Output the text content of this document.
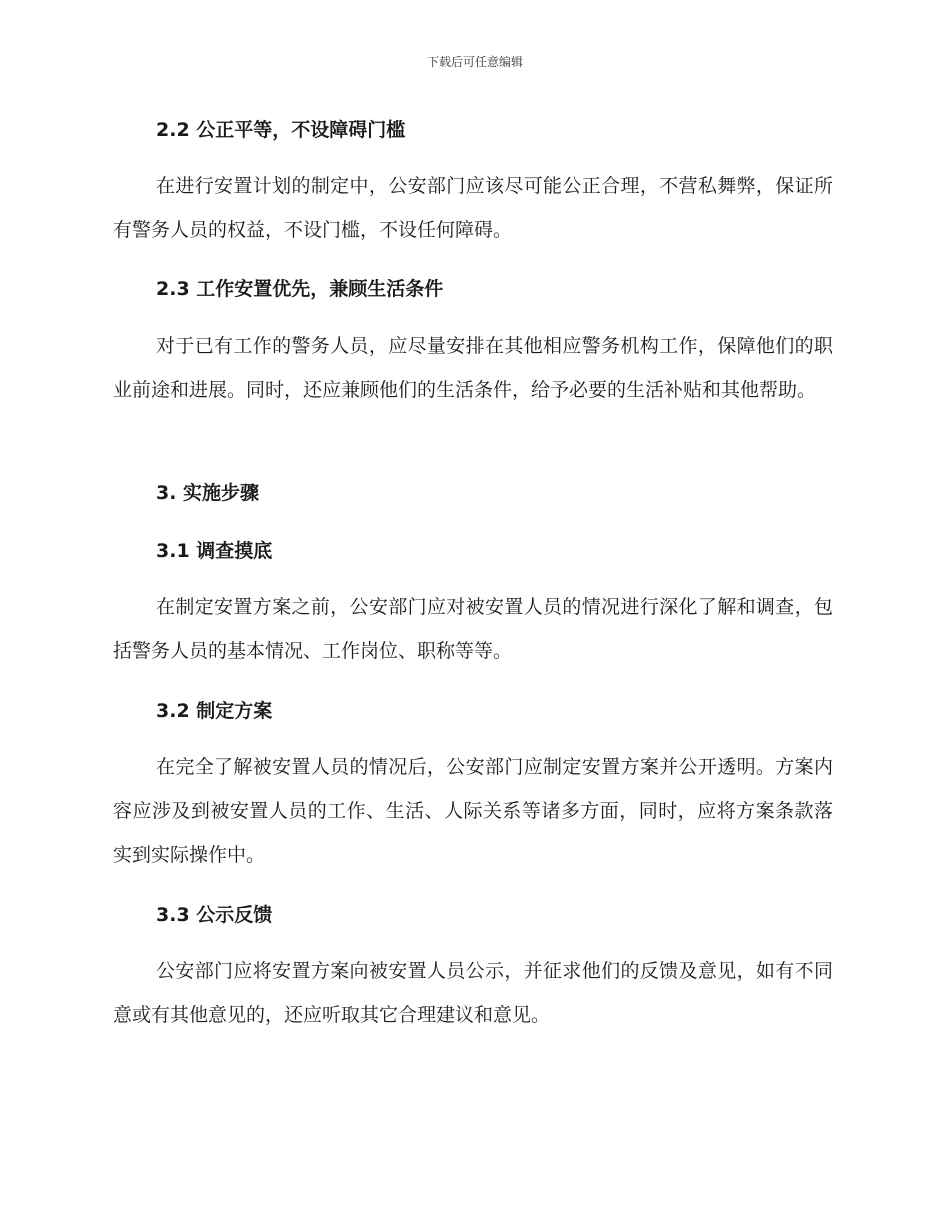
下载后可任意编辑
2.2 公正平等，不设障碍门槛

在进行安置计划的制定中，公安部门应该尽可能公正合理，不营私舞弊，保证所有警务人员的权益，不设门槛，不设任何障碍。

2.3 工作安置优先，兼顾生活条件

对于已有工作的警务人员，应尽量安排在其他相应警务机构工作，保障他们的职业前途和进展。同时，还应兼顾他们的生活条件，给予必要的生活补贴和其他帮助。

3. 实施步骤
3.1 调查摸底

在制定安置方案之前，公安部门应对被安置人员的情况进行深化了解和调查，包括警务人员的基本情况、工作岗位、职称等等。

3.2 制定方案

在完全了解被安置人员的情况后，公安部门应制定安置方案并公开透明。方案内容应涉及到被安置人员的工作、生活、人际关系等诸多方面，同时，应将方案条款落实到实际操作中。

3.3 公示反馈

公安部门应将安置方案向被安置人员公示，并征求他们的反馈及意见，如有不同意或有其他意见的，还应听取其它合理建议和意见。
